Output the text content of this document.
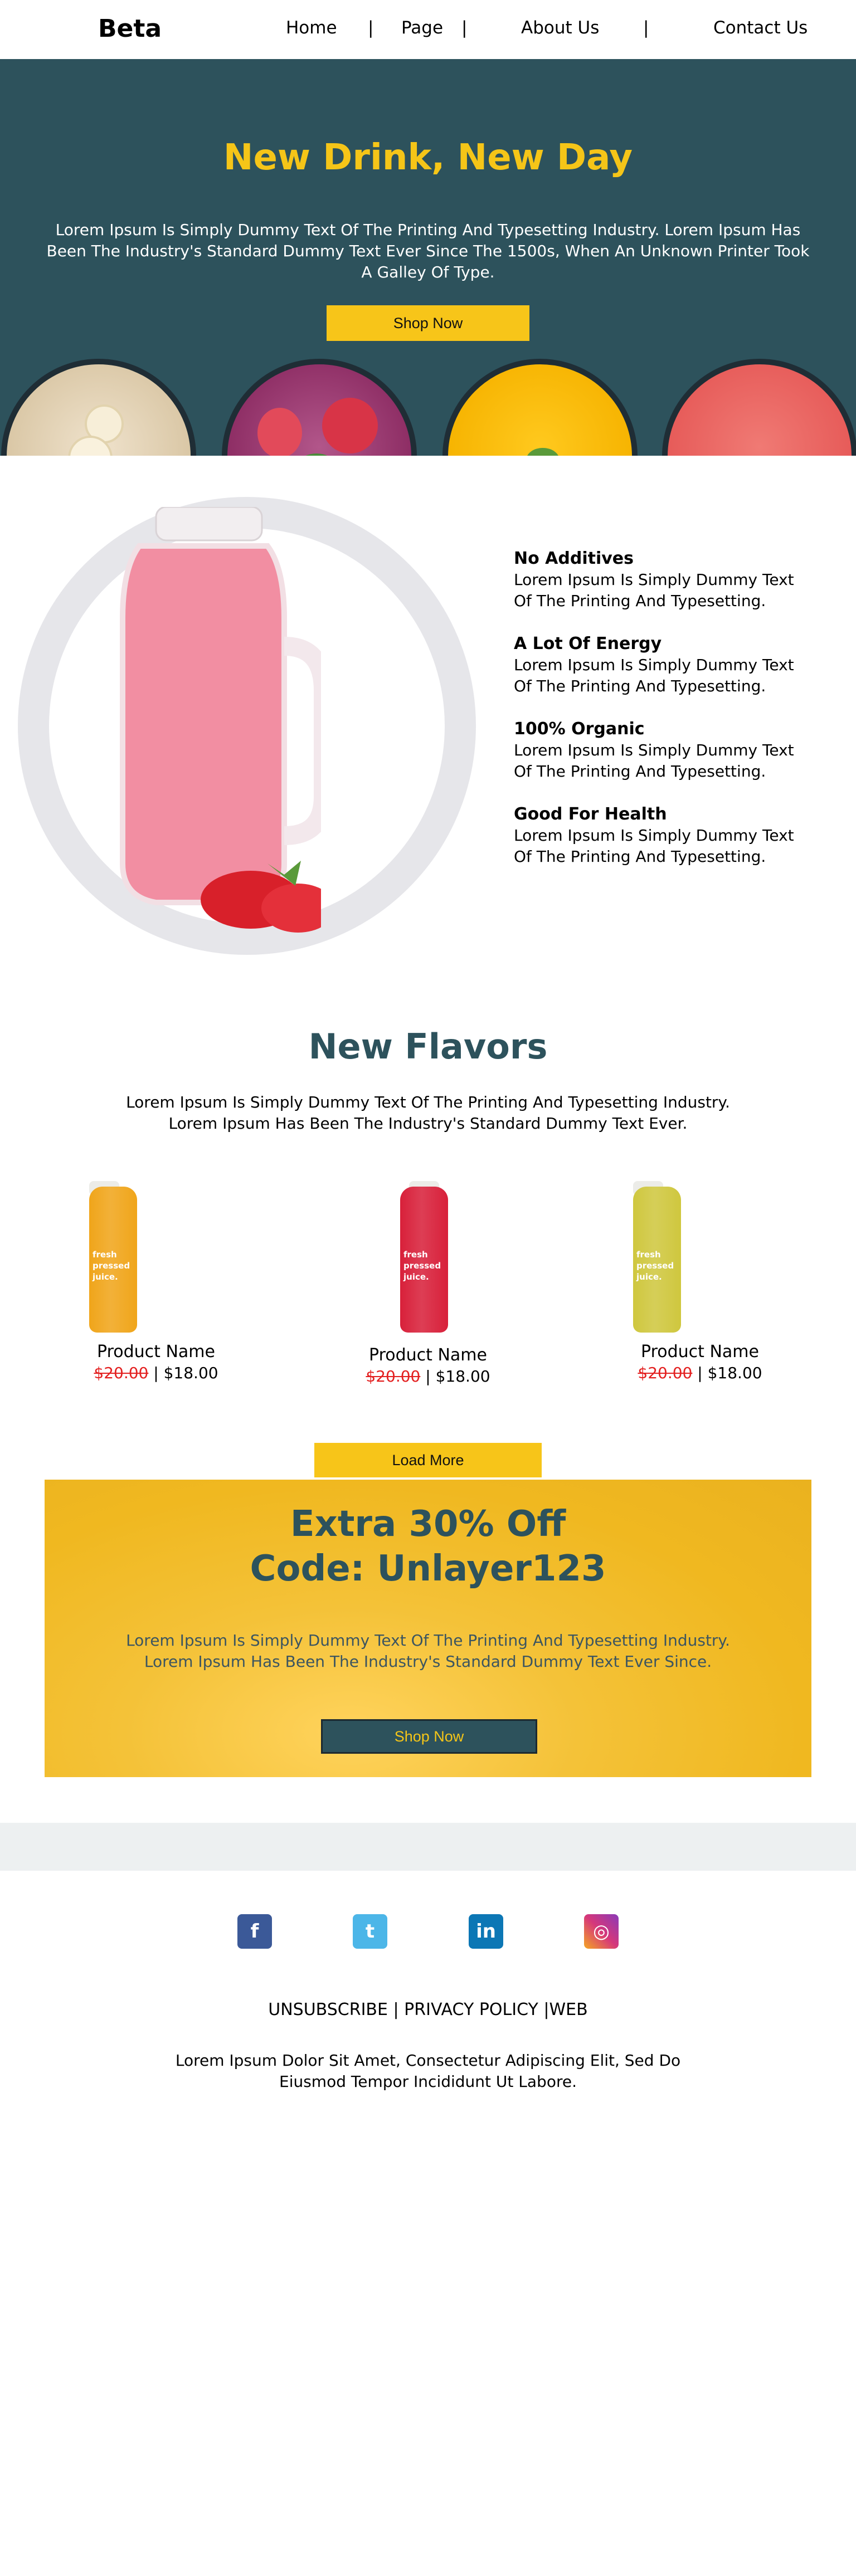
Beta	Home | Page |	About Us	|	Contact Us
New Drink, New Day

Lorem Ipsum Is Simply Dummy Text Of The Printing And Typesetting Industry. Lorem Ipsum Has Been The Industry's Standard Dummy Text Ever Since The 1500s, When An Unknown Printer Took A Galley Of Type.

Shop Now
No Additives

Lorem Ipsum Is Simply Dummy Text Of The Printing And Typesetting.

A Lot Of Energy

Lorem Ipsum Is Simply Dummy Text Of The Printing And Typesetting.

100% Organic

Lorem Ipsum Is Simply Dummy Text Of The Printing And Typesetting.

Good For Health

Lorem Ipsum Is Simply Dummy Text Of The Printing And Typesetting.

New Flavors
Lorem Ipsum Is Simply Dummy Text Of The Printing And Typesetting Industry.
Lorem Ipsum Has Been The Industry's Standard Dummy Text Ever.
fresh
pressed
juice.
Product Name
$20.00 | $18.00
fresh
pressed
juice.
Product Name
$20.00 | $18.00
fresh
pressed
juice.
Product Name
$20.00 | $18.00
Load More
Extra 30% Off
Code: Unlayer123

Lorem Ipsum Is Simply Dummy Text Of The Printing And Typesetting Industry.
Lorem Ipsum Has Been The Industry's Standard Dummy Text Ever Since.

Shop Now
f	t	in	◎
UNSUBSCRIBE | PRIVACY POLICY |WEB
Lorem Ipsum Dolor Sit Amet, Consectetur Adipiscing Elit, Sed Do
Eiusmod Tempor Incididunt Ut Labore.
